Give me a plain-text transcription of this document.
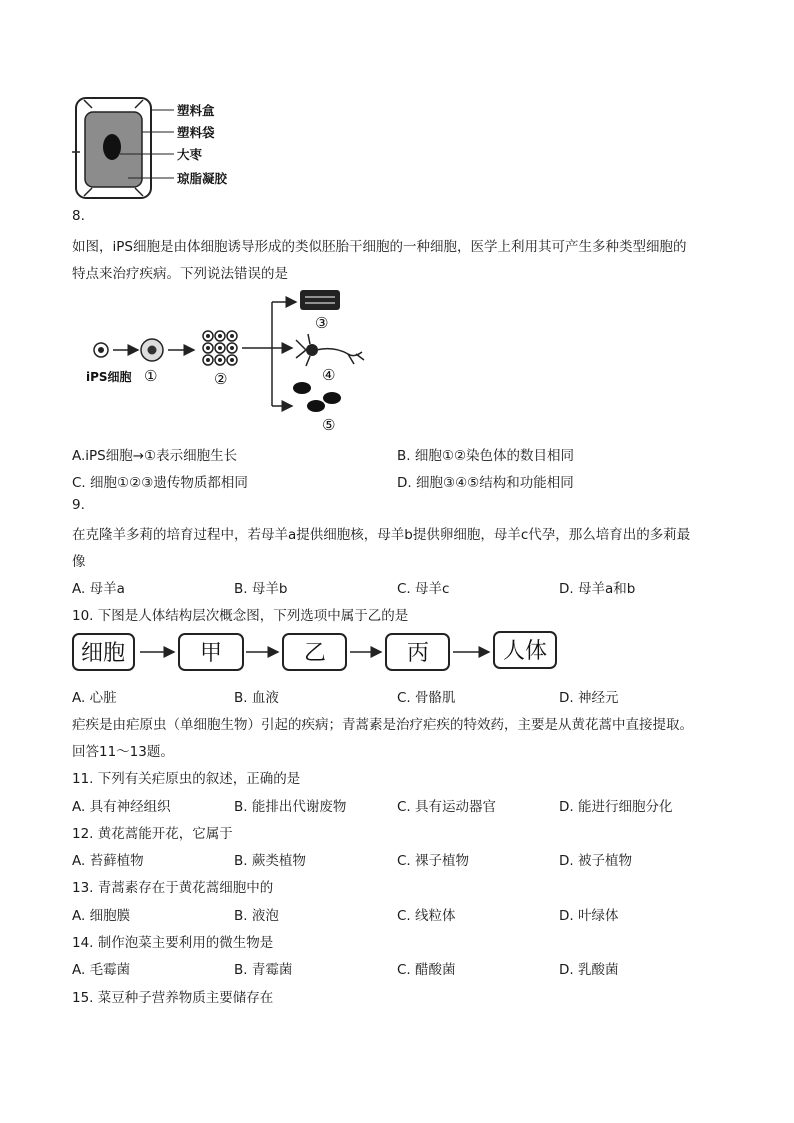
塑料盒
塑料袋
大枣
琼脂凝胶
8.
如图，iPS细胞是由体细胞诱导形成的类似胚胎干细胞的一种细胞，医学上利用其可产生多种类型细胞的
特点来治疗疾病。下列说法错误的是
iPS细胞 ①	②
③
④
⑤
A.iPS细胞→①表示细胞生长	B. 细胞①②染色体的数目相同
C. 细胞①②③遗传物质都相同	D. 细胞③④⑤结构和功能相同
9.
在克隆羊多莉的培育过程中，若母羊a提供细胞核，母羊b提供卵细胞，母羊c代孕，那么培育出的多莉最
像
A. 母羊a	B. 母羊b	C. 母羊c	D. 母羊a和b
10. 下图是人体结构层次概念图，下列选项中属于乙的是
细胞	甲	乙	丙	人体
A. 心脏	B. 血液	C. 骨骼肌	D. 神经元
疟疾是由疟原虫（单细胞生物）引起的疾病；青蒿素是治疗疟疾的特效药，主要是从黄花蒿中直接提取。
回答11～13题。
11. 下列有关疟原虫的叙述，正确的是
A. 具有神经组织	B. 能排出代谢废物	C. 具有运动器官	D. 能进行细胞分化
12. 黄花蒿能开花，它属于
A. 苔藓植物	B. 蕨类植物	C. 裸子植物	D. 被子植物
13. 青蒿素存在于黄花蒿细胞中的
A. 细胞膜	B. 液泡	C. 线粒体	D. 叶绿体
14. 制作泡菜主要利用的微生物是
A. 毛霉菌	B. 青霉菌	C. 醋酸菌	D. 乳酸菌
15. 菜豆种子营养物质主要储存在
